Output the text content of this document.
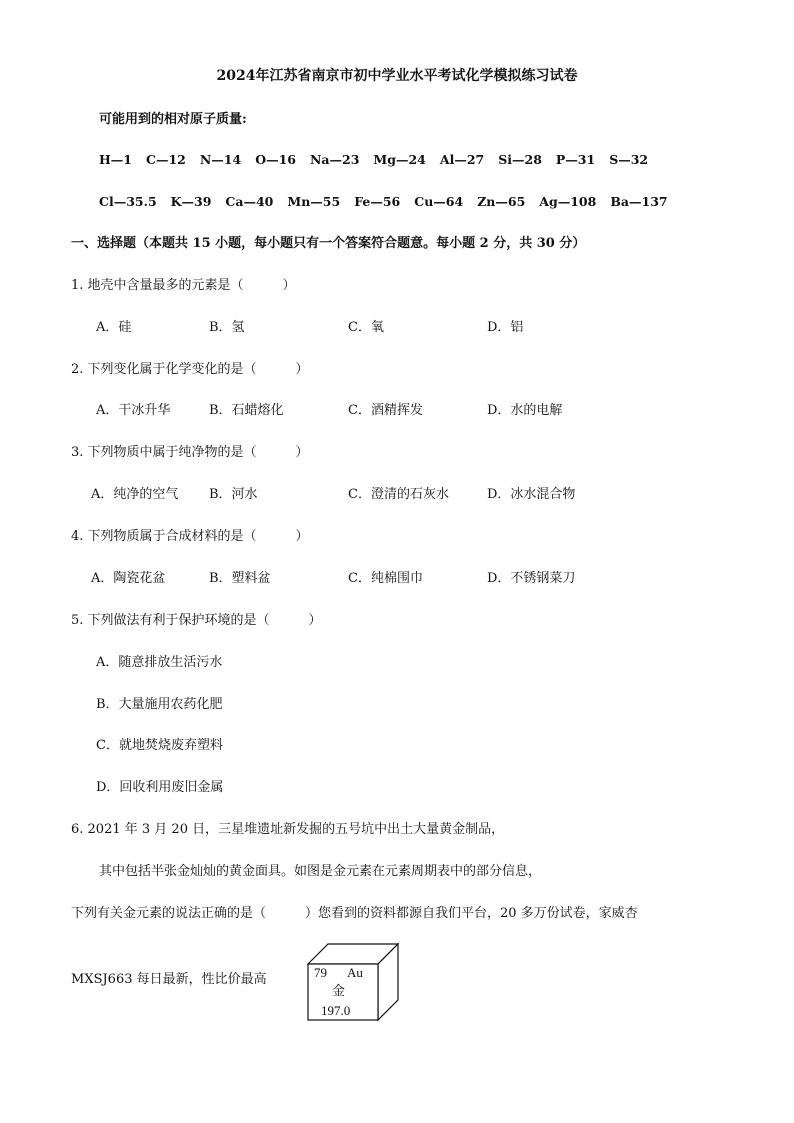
2024年江苏省南京市初中学业水平考试化学模拟练习试卷
可能用到的相对原子质量:
H—1 C—12 N—14 O—16 Na—23 Mg—24 Al—27 Si—28 P—31 S—32
Cl—35.5 K—39 Ca—40 Mn—55 Fe—56 Cu—64 Zn—65 Ag—108 Ba—137
一、选择题（本题共 15 小题，每小题只有一个答案符合题意。每小题 2 分，共 30 分）
1. 地壳中含量最多的元素是（　　　）
A．硅	B．氢	C．氧	D．铝
2. 下列变化属于化学变化的是（　　　）
A．干冰升华	B．石蜡熔化	C．酒精挥发	D．水的电解
3. 下列物质中属于纯净物的是（　　　）
A．纯净的空气 B．河水	C．澄清的石灰水	D．冰水混合物
4. 下列物质属于合成材料的是（　　　）
A．陶瓷花盆	B．塑料盆	C．纯棉围巾	D．不锈钢菜刀
5. 下列做法有利于保护环境的是（　　　）
A．随意排放生活污水
B．大量施用农药化肥
C．就地焚烧废弃塑料
D．回收利用废旧金属
6. 2021 年 3 月 20 日，三星堆遗址新发掘的五号坑中出土大量黄金制品，
其中包括半张金灿灿的黄金面具。如图是金元素在元素周期表中的部分信息，
下列有关金元素的说法正确的是（　　　）您看到的资料都源自我们平台，20 多万份试卷，家威杏
MXSJ663 每日最新，性比价最高	79 Au
金
197.0
